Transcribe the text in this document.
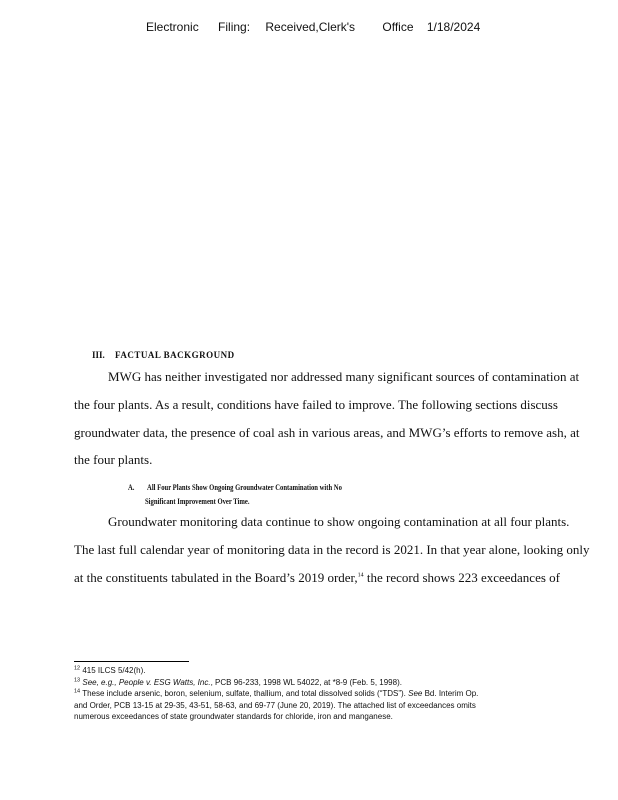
Electronic Filing: Received,Clerk's Office 1/18/2024
III. FACTUAL BACKGROUND
MWG has neither investigated nor addressed many significant sources of contamination at
the four plants. As a result, conditions have failed to improve. The following sections discuss
groundwater data, the presence of coal ash in various areas, and MWG’s efforts to remove ash, at
the four plants.
A. All Four Plants Show Ongoing Groundwater Contamination with No
Significant Improvement Over Time.
Groundwater monitoring data continue to show ongoing contamination at all four plants.
The last full calendar year of monitoring data in the record is 2021. In that year alone, looking only
at the constituents tabulated in the Board’s 2019 order,$^{14}$ the record shows 223 exceedances of
$^{12}$ 415 ILCS 5/42(h).
$^{13}$ See, e.g., People v. ESG Watts, Inc., PCB 96-233, 1998 WL 54022, at *8-9 (Feb. 5, 1998).
$^{14}$ These include arsenic, boron, selenium, sulfate, thallium, and total dissolved solids (“TDS”). See Bd. Interim Op.
and Order, PCB 13-15 at 29-35, 43-51, 58-63, and 69-77 (June 20, 2019). The attached list of exceedances omits
numerous exceedances of state groundwater standards for chloride, iron and manganese.
